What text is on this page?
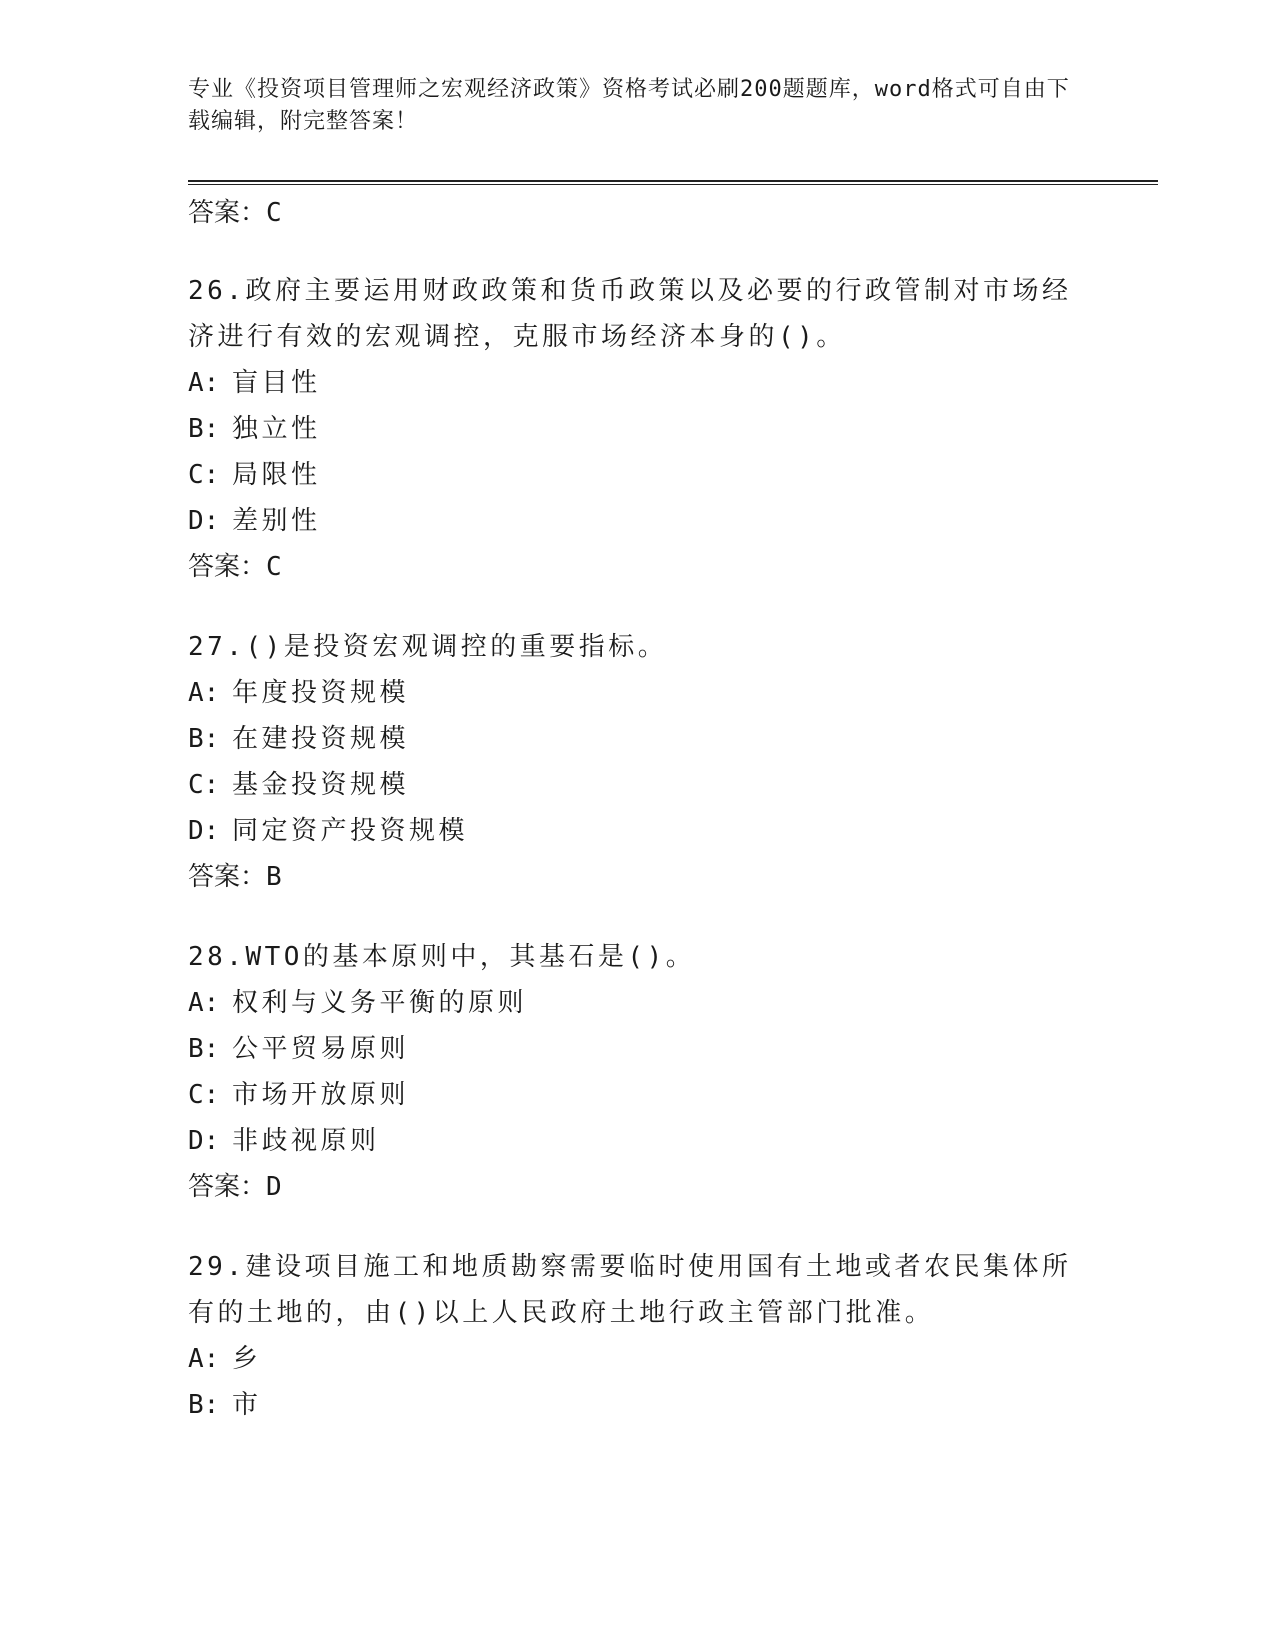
专业《投资项目管理师之宏观经济政策》资格考试必刷200题题库，word格式可自由下载编辑，附完整答案！

答案：C

26.政府主要运用财政政策和货币政策以及必要的行政管制对市场经济进行有效的宏观调控，克服市场经济本身的()。

A: 盲目性

B: 独立性

C: 局限性

D: 差别性

答案：C

27.()是投资宏观调控的重要指标。

A: 年度投资规模

B: 在建投资规模

C: 基金投资规模

D: 同定资产投资规模

答案：B

28.WTO的基本原则中，其基石是()。

A: 权利与义务平衡的原则

B: 公平贸易原则

C: 市场开放原则

D: 非歧视原则

答案：D

29.建设项目施工和地质勘察需要临时使用国有土地或者农民集体所有的土地的，由()以上人民政府土地行政主管部门批准。

A: 乡

B: 市
